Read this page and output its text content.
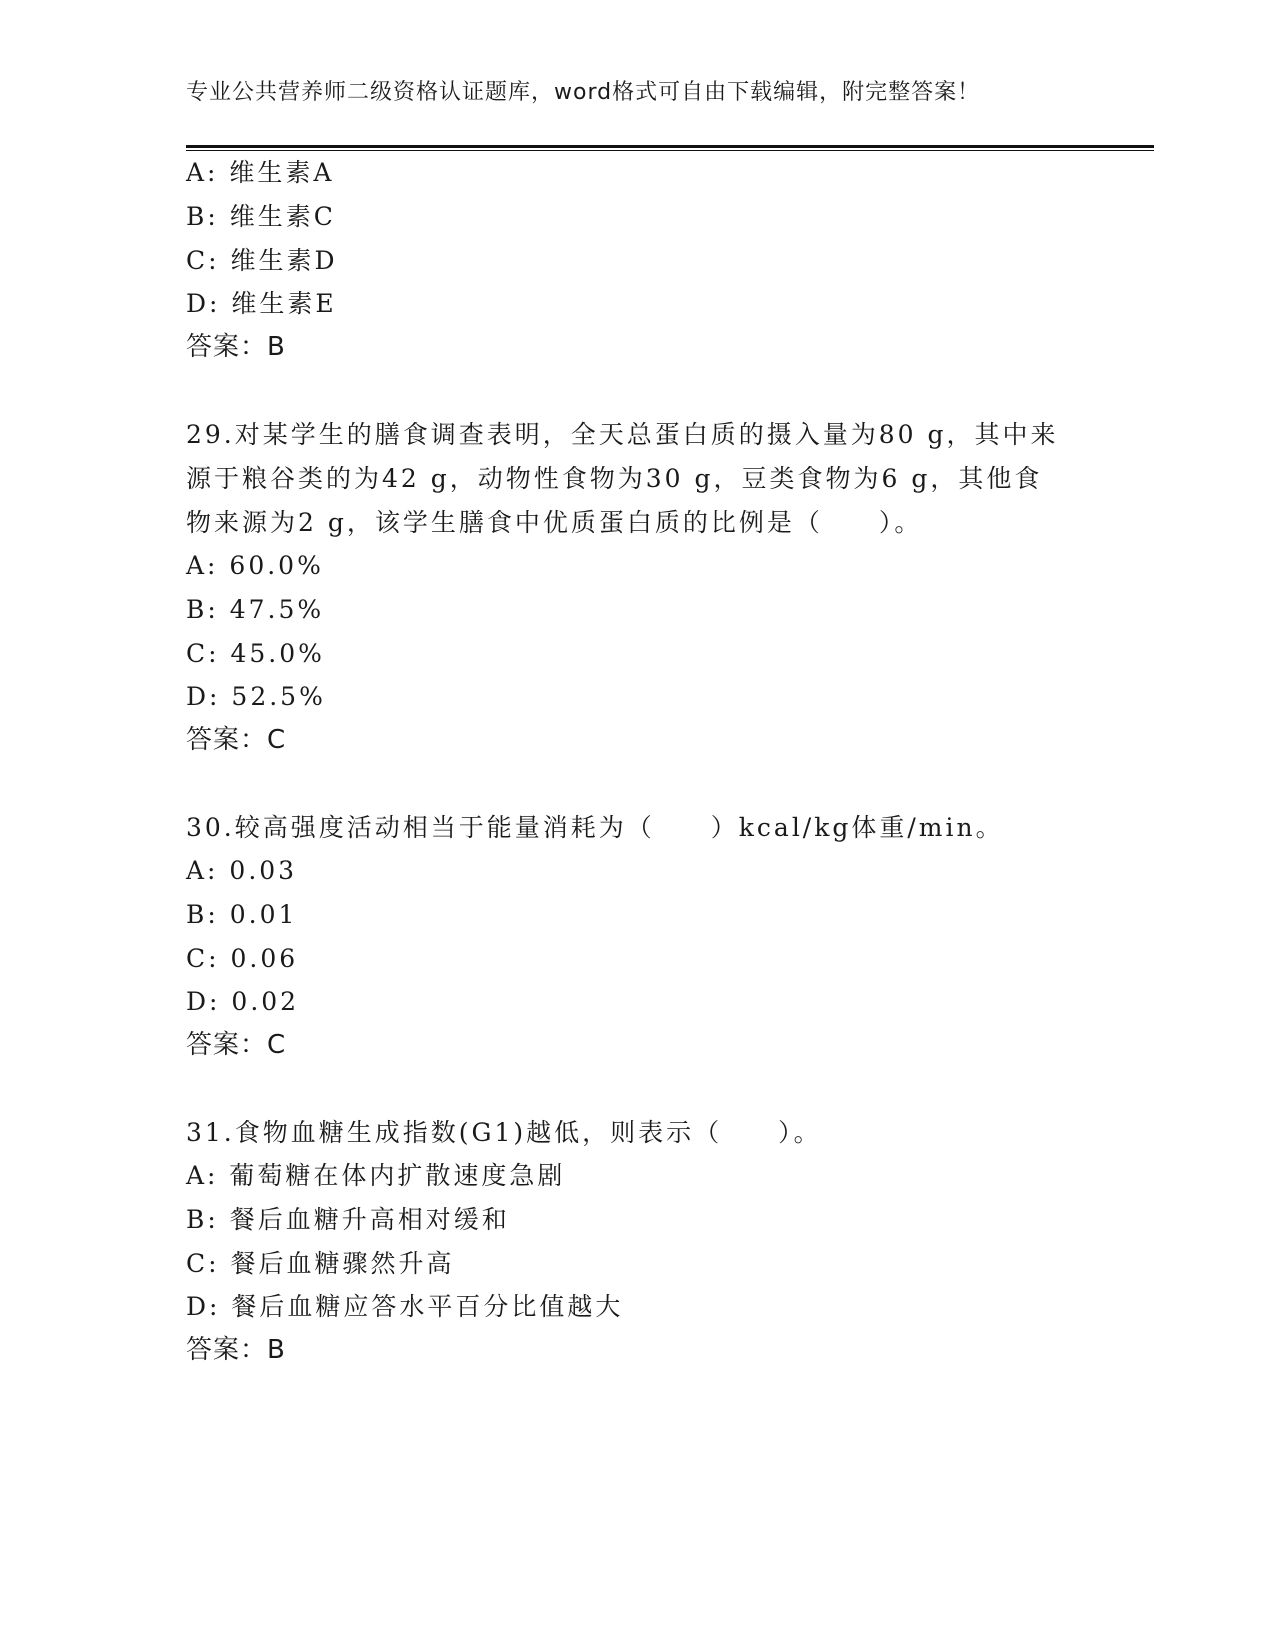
专业公共营养师二级资格认证题库，word格式可自由下载编辑，附完整答案！
A: 维生素A
B: 维生素C
C: 维生素D
D: 维生素E
答案：B
29.对某学生的膳食调查表明，全天总蛋白质的摄入量为80 g，其中来
源于粮谷类的为42 g，动物性食物为30 g，豆类食物为6 g，其他食
物来源为2 g，该学生膳食中优质蛋白质的比例是（　　）。
A: 60.0%
B: 47.5%
C: 45.0%
D: 52.5%
答案：C
30.较高强度活动相当于能量消耗为（　　）kcal/kg体重/min。
A: 0.03
B: 0.01
C: 0.06
D: 0.02
答案：C
31.食物血糖生成指数(G1)越低，则表示（　　）。
A: 葡萄糖在体内扩散速度急剧
B: 餐后血糖升高相对缓和
C: 餐后血糖骤然升高
D: 餐后血糖应答水平百分比值越大
答案：B
